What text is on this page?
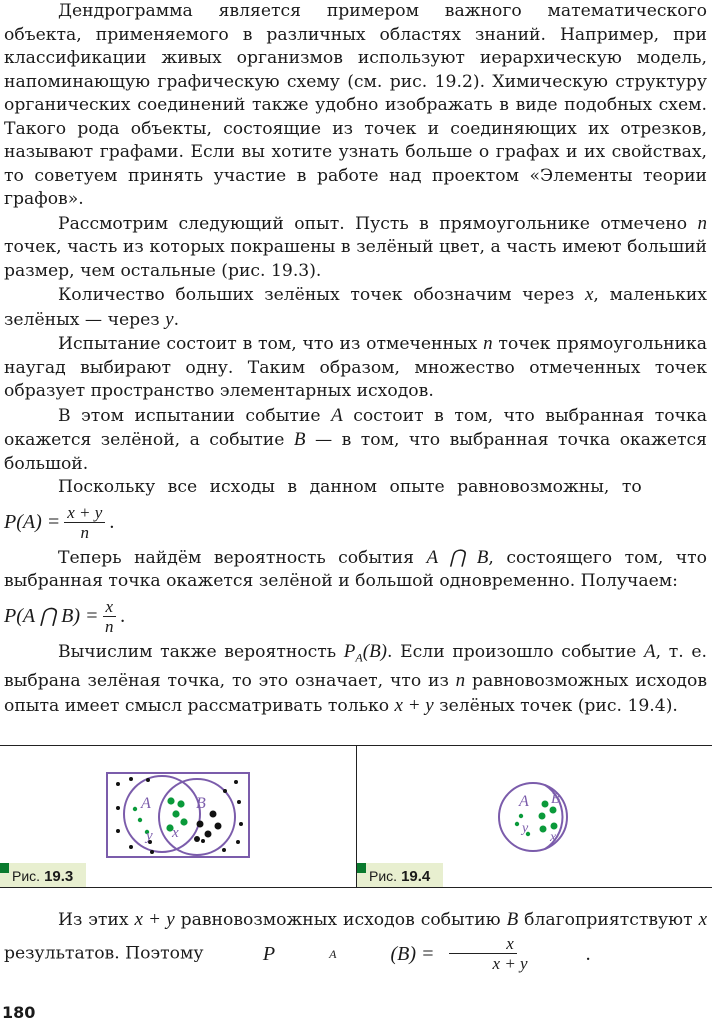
Дендрограмма является примером важного математического объекта, применяемого в различных областях знаний. Например, при классификации живых организмов используют иерархическую модель, напоминающую графическую схему (см. рис. 19.2). Химическую структуру органических соединений также удобно изображать в виде подобных схем. Такого рода объекты, состоящие из точек и соединяющих их отрезков, называют графами. Если вы хотите узнать больше о графах и их свойствах, то советуем принять участие в работе над проектом «Элементы теории графов».

Рассмотрим следующий опыт. Пусть в прямоугольнике отмечено n точек, часть из которых покрашены в зелёный цвет, а часть имеют больший размер, чем остальные (рис. 19.3).

Количество больших зелёных точек обозначим через x, маленьких зелёных — через y.

Испытание состоит в том, что из отмеченных n точек прямоугольника наугад выбирают одну. Таким образом, множество отмеченных точек образует пространство элементарных исходов.

В этом испытании событие A состоит в том, что выбранная точка окажется зелёной, а событие B — в том, что выбранная точка окажется большой.

Поскольку все исходы в данном опыте равновозможны, то

$P(A) = \frac{x + y}{n}$ .

Теперь найдём вероятность события A ⋂ B, состоящего том, что выбранная точка окажется зелёной и большой одновременно. Получаем:

P(A ⋂ $B) = \frac{x}{n}$ .

Вычислим также вероятность $P_A(B)$. Если произошло событие A, т. е. выбрана зелёная точка, то это означает, что из n равновозможных исходов опыта имеет смысл рассматривать только x + y зелёных точек (рис. 19.4).

A	B
y x
Рис. 19.3
A B
y
x
Рис. 19.4

Из этих x + y равновозможных исходов событию B благоприятствуют x результатов. Поэтому	P	A	$(B) = \frac{x}{x + y}$	.

180
